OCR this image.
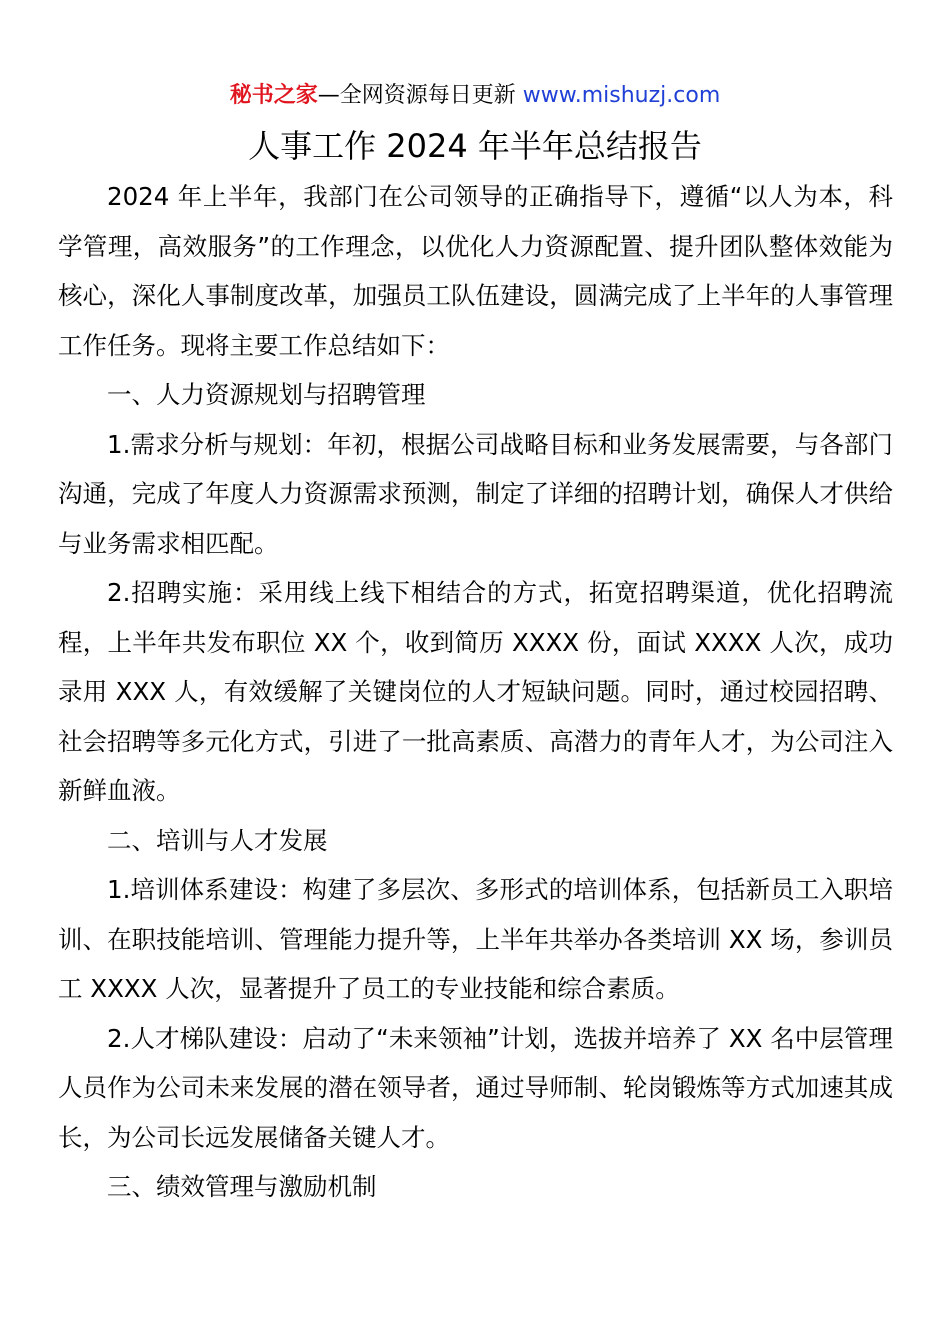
秘书之家—全网资源每日更新 www.mishuzj.com
人事工作 2024 年半年总结报告

2024 年上半年，我部门在公司领导的正确指导下，遵循“以人为本，科学管理，高效服务”的工作理念，以优化人力资源配置、提升团队整体效能为核心，深化人事制度改革，加强员工队伍建设，圆满完成了上半年的人事管理工作任务。现将主要工作总结如下：

一、人力资源规划与招聘管理

1.需求分析与规划：年初，根据公司战略目标和业务发展需要，与各部门沟通，完成了年度人力资源需求预测，制定了详细的招聘计划，确保人才供给与业务需求相匹配。

2.招聘实施：采用线上线下相结合的方式，拓宽招聘渠道，优化招聘流程，上半年共发布职位 XX 个，收到简历 XXXX 份，面试 XXXX 人次，成功录用 XXX 人，有效缓解了关键岗位的人才短缺问题。同时，通过校园招聘、社会招聘等多元化方式，引进了一批高素质、高潜力的青年人才，为公司注入新鲜血液。

二、培训与人才发展

1.培训体系建设：构建了多层次、多形式的培训体系，包括新员工入职培训、在职技能培训、管理能力提升等，上半年共举办各类培训 XX 场，参训员工 XXXX 人次，显著提升了员工的专业技能和综合素质。

2.人才梯队建设：启动了“未来领袖”计划，选拔并培养了 XX 名中层管理人员作为公司未来发展的潜在领导者，通过导师制、轮岗锻炼等方式加速其成长，为公司长远发展储备关键人才。

三、绩效管理与激励机制
